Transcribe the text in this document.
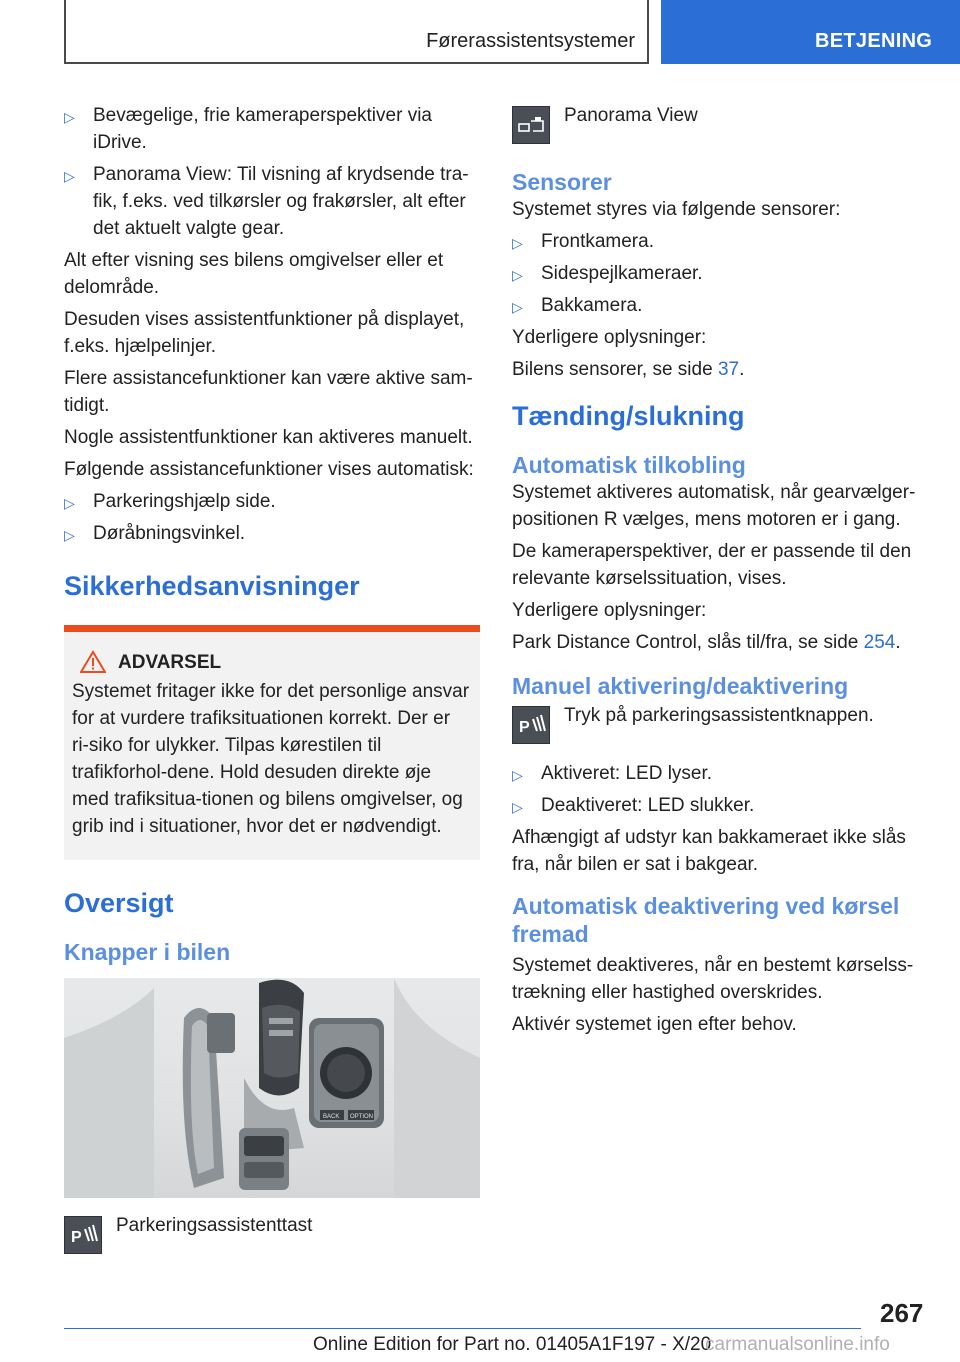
Førerassistentsystemer	BETJENING
▷ Bevægelige, frie kameraperspektiver via iDrive.
▷ Panorama View: Til visning af krydsende tra‐fik, f.eks. ved tilkørsler og frakørsler, alt efter det aktuelt valgte gear.

Alt efter visning ses bilens omgivelser eller et delområde.

Desuden vises assistentfunktioner på displayet, f.eks. hjælpelinjer.

Flere assistancefunktioner kan være aktive sam‐tidigt.

Nogle assistentfunktioner kan aktiveres manuelt.

Følgende assistancefunktioner vises automatisk:

▷ Parkeringshjælp side.
▷ Døråbningsvinkel.
Sikkerhedsanvisninger
ADVARSEL

Systemet fritager ikke for det personlige ansvar for at vurdere trafiksituationen korrekt. Der er ri‐siko for ulykker. Tilpas kørestilen til trafikforhol‐dene. Hold desuden direkte øje med trafiksitua‐tionen og bilens omgivelser, og grib ind i situationer, hvor det er nødvendigt.

Oversigt
Knapper i bilen
BACK OPTION
P
Parkeringsassistenttast
Panorama View
Sensorer

Systemet styres via følgende sensorer:

▷ Frontkamera.
▷ Sidespejlkameraer.
▷ Bakkamera.

Yderligere oplysninger:

Bilens sensorer, se side 37.

Tænding/slukning
Automatisk tilkobling

Systemet aktiveres automatisk, når gearvælger‐positionen R vælges, mens motoren er i gang.

De kameraperspektiver, der er passende til den relevante kørselssituation, vises.

Yderligere oplysninger:

Park Distance Control, slås til/fra, se side 254.

Manuel aktivering/deaktivering
P
Tryk på parkeringsassistentknappen.
▷ Aktiveret: LED lyser.
▷ Deaktiveret: LED slukker.

Afhængigt af udstyr kan bakkameraet ikke slås fra, når bilen er sat i bakgear.

Automatisk deaktivering ved kørsel fremad

Systemet deaktiveres, når en bestemt kørselss‐trækning eller hastighed overskrides.

Aktivér systemet igen efter behov.

267
Online Edition for Part no. 01405A1F197 - X/20
carmanualsonline.info
